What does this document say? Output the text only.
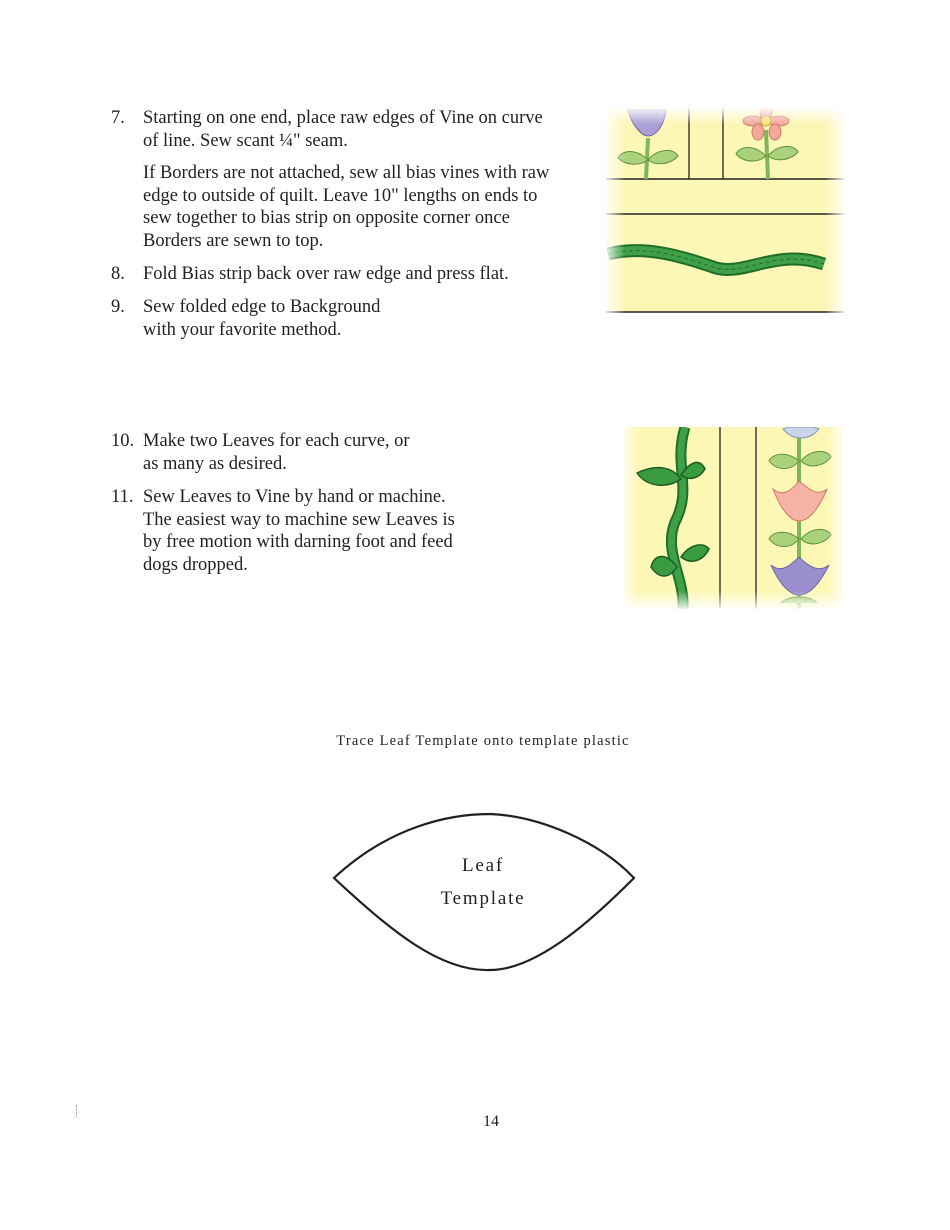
7. Starting on one end, place raw edges of Vine on curve of line. Sew scant ¼" seam.

If Borders are not attached, sew all bias vines with raw edge to outside of quilt. Leave 10" lengths on ends to sew together to bias strip on opposite corner once Borders are sewn to top.

8. Fold Bias strip back over raw edge and press flat.

9. Sew folded edge to Background with your favorite method.

10. Make two Leaves for each curve, or as many as desired.

11. Sew Leaves to Vine by hand or machine. The easiest way to machine sew Leaves is by free motion with darning foot and feed dogs dropped.

Trace Leaf Template onto template plastic
Leaf
Template
14
